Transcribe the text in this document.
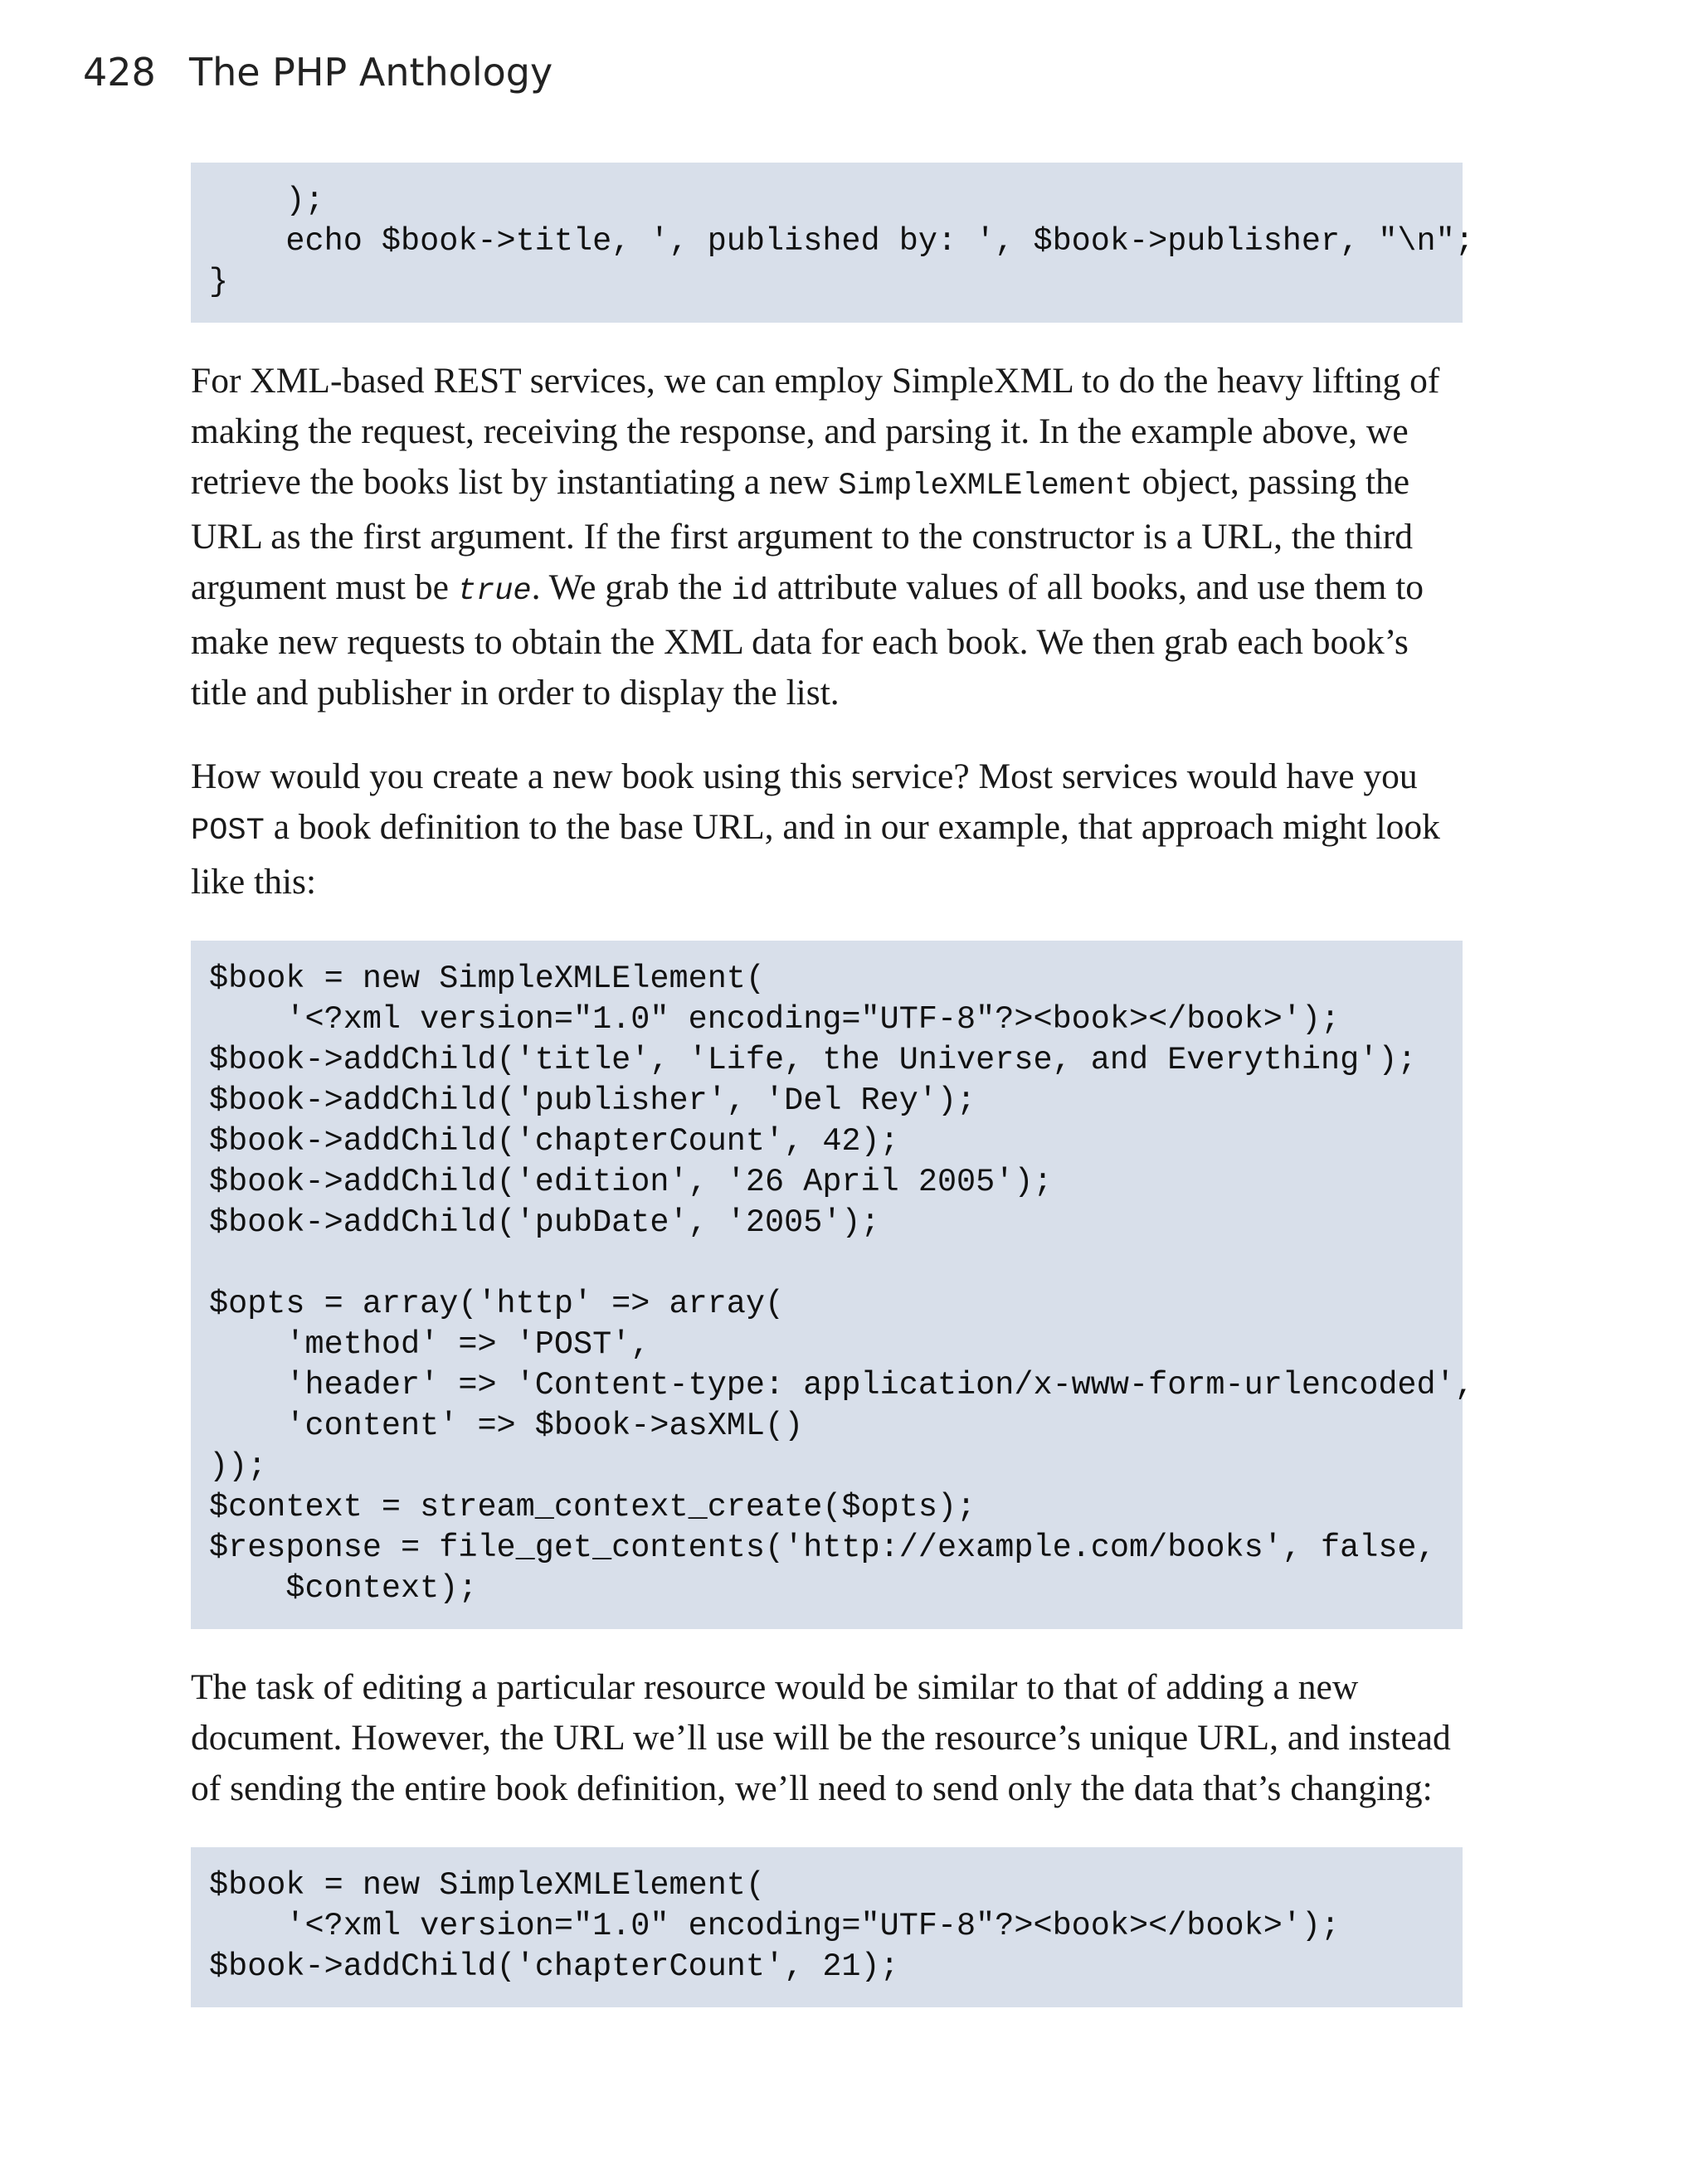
428 The PHP Anthology
);
echo $book->title, ', published by: ', $book->publisher, "\n";
}

For XML-based REST services, we can employ SimpleXML to do the heavy lifting of making the request, receiving the response, and parsing it. In the example above, we retrieve the books list by instantiating a new SimpleXMLElement object, passing the URL as the first argument. If the first argument to the constructor is a URL, the third argument must be true. We grab the id attribute values of all books, and use them to make new requests to obtain the XML data for each book. We then grab each book’s title and publisher in order to display the list.

How would you create a new book using this service? Most services would have you POST a book definition to the base URL, and in our example, that approach might look like this:

$book = new SimpleXMLElement(
'<?xml version="1.0" encoding="UTF-8"?><book></book>');
$book->addChild('title', 'Life, the Universe, and Everything');
$book->addChild('publisher', 'Del Rey');
$book->addChild('chapterCount', 42);
$book->addChild('edition', '26 April 2005');
$book->addChild('pubDate', '2005');

$opts = array('http' => array(
'method' => 'POST',
'header' => 'Content-type: application/x-www-form-urlencoded',
'content' => $book->asXML()
));
$context = stream_context_create($opts);
$response = file_get_contents('http://example.com/books', false,
$context);

The task of editing a particular resource would be similar to that of adding a new document. However, the URL we’ll use will be the resource’s unique URL, and instead of sending the entire book definition, we’ll need to send only the data that’s changing:

$book = new SimpleXMLElement(
'<?xml version="1.0" encoding="UTF-8"?><book></book>');
$book->addChild('chapterCount', 21);
